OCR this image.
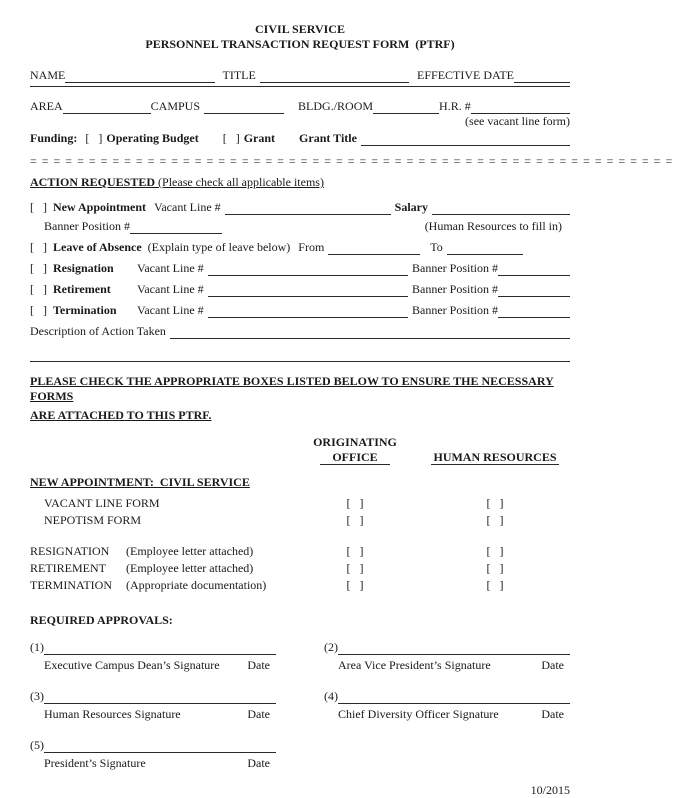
CIVIL SERVICE
PERSONNEL TRANSACTION REQUEST FORM  (PTRF)
NAME	TITLE	EFFECTIVE DATE
AREA	CAMPUS	BLDG./ROOM	H.R. #
(see vacant line form)
Funding: [   ] Operating Budget [   ] Grant Grant Title
= = = = = = = = = = = = = = = = = = = = = = = = = = = = = = = = = = = = = = = = = = = = = = = = = = = = = = =
ACTION REQUESTED (Please check all applicable items)
[   ] New Appointment Vacant Line #	Salary
Banner Position #	(Human Resources to fill in)
[   ] Leave of Absence (Explain type of leave below) From	To
[   ] Resignation	Vacant Line #	Banner Position #
[   ] Retirement	Vacant Line #	Banner Position #
[   ] Termination	Vacant Line #	Banner Position #
Description of Action Taken
PLEASE CHECK THE APPROPRIATE BOXES LISTED BELOW TO ENSURE THE NECESSARY FORMS
ARE ATTACHED TO THIS PTRF.
ORIGINATING
OFFICE	HUMAN RESOURCES
NEW APPOINTMENT:  CIVIL SERVICE
VACANT LINE FORM	[   ]	[   ]
NEPOTISM FORM	[   ]	[   ]
RESIGNATION (Employee letter attached)	[   ]	[   ]
RETIREMENT (Employee letter attached)	[   ]	[   ]
TERMINATION (Appropriate documentation)	[   ]	[   ]
REQUIRED APPROVALS:
(1)
Executive Campus Dean’s Signature Date
(2)
Area Vice President’s Signature	Date
(3)
Human Resources Signature	Date
(4)
Chief Diversity Officer Signature	Date
(5)
President’s Signature	Date
10/2015
